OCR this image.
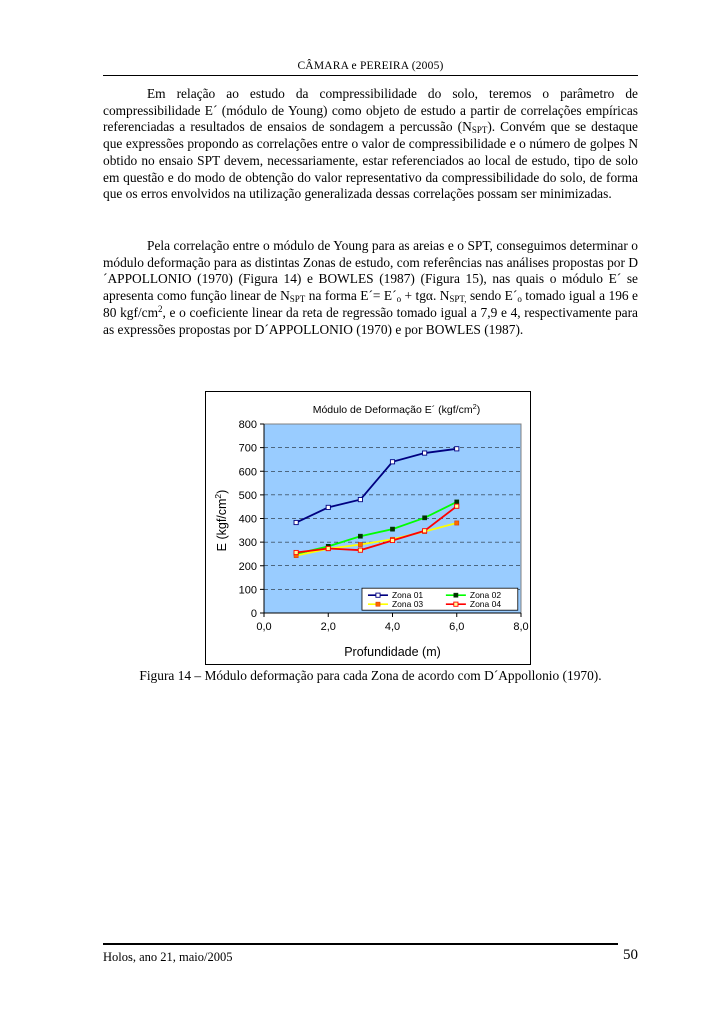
CÂMARA e PEREIRA (2005)

Em relação ao estudo da compressibilidade do solo, teremos o parâmetro de compressibilidade E´ (módulo de Young) como objeto de estudo a partir de correlações empíricas referenciadas a resultados de ensaios de sondagem a percussão $(N_{SPT})$. Convém que se destaque que expressões propondo as correlações entre o valor de compressibilidade e o número de golpes N obtido no ensaio SPT devem, necessariamente, estar referenciados ao local de estudo, tipo de solo em questão e do modo de obtenção do valor representativo da compressibilidade do solo, de forma que os erros envolvidos na utilização generalizada dessas correlações possam ser minimizadas.

Pela correlação entre o módulo de Young para as areias e o SPT, conseguimos determinar o módulo deformação para as distintas Zonas de estudo, com referências nas análises propostas por D´APPOLLONIO (1970) (Figura 14) e BOWLES (1987) (Figura 15), nas quais o módulo E´ se apresenta como função linear de $N_{SPT}$ na forma E´= $E´_o + tg\alpha$. $N_{SPT,}$ sendo $E´_o$ tomado igual a 196 e 80 kgf/$cm^2$, e o coeficiente linear da reta de regressão tomado igual a 7,9 e 4, respectivamente para as expressões propostas por D´APPOLLONIO (1970) e por BOWLES (1987).

0
100
200
300
400
500
600
700
800
0,0	2,0	4,0	6,0	8,0
Módulo de Deformação E´ $(kgf/cm^2)$
Profundidade (m)
E $(kgf/cm^2)$
Zona 01	Zona 02
Zona 03	Zona 04
Figura 14 – Módulo deformação para cada Zona de acordo com D´Appollonio (1970).
Holos, ano 21, maio/2005	50
